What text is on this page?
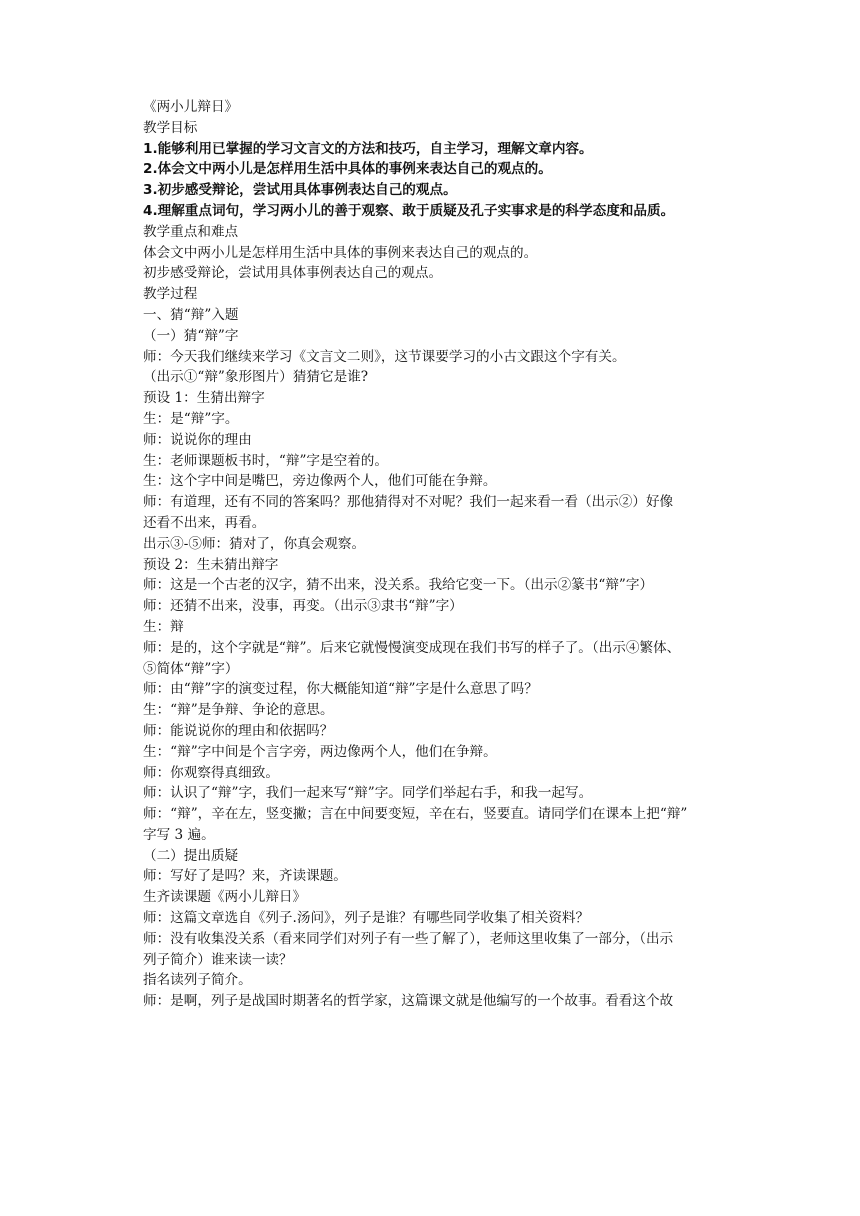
《两小儿辩日》
教学目标
1.能够利用已掌握的学习文言文的方法和技巧，自主学习，理解文章内容。
2.体会文中两小儿是怎样用生活中具体的事例来表达自己的观点的。
3.初步感受辩论，尝试用具体事例表达自己的观点。
4.理解重点词句，学习两小儿的善于观察、敢于质疑及孔子实事求是的科学态度和品质。
教学重点和难点
体会文中两小儿是怎样用生活中具体的事例来表达自己的观点的。
初步感受辩论，尝试用具体事例表达自己的观点。
教学过程
一、猜“辩”入题
（一）猜“辩”字
师：今天我们继续来学习《文言文二则》，这节课要学习的小古文跟这个字有关。
（出示①“辩”象形图片）猜猜它是谁?
预设 1：生猜出辩字
生：是“辩”字。
师：说说你的理由
生：老师课题板书时，“辩”字是空着的。
生：这个字中间是嘴巴，旁边像两个人，他们可能在争辩。
师：有道理，还有不同的答案吗？那他猜得对不对呢？我们一起来看一看（出示②）好像
还看不出来，再看。
出示③-⑤师：猜对了，你真会观察。
预设 2：生未猜出辩字
师：这是一个古老的汉字，猜不出来，没关系。我给它变一下。（出示②篆书“辩”字）
师：还猜不出来，没事，再变。（出示③隶书“辩”字）
生：辩
师：是的，这个字就是“辩”。后来它就慢慢演变成现在我们书写的样子了。（出示④繁体、
⑤简体“辩”字）
师：由“辩”字的演变过程，你大概能知道“辩”字是什么意思了吗？
生：“辩”是争辩、争论的意思。
师：能说说你的理由和依据吗？
生：“辩”字中间是个言字旁，两边像两个人，他们在争辩。
师：你观察得真细致。
师：认识了“辩”字，我们一起来写“辩”字。同学们举起右手，和我一起写。
师：“辩”，辛在左，竖变撇；言在中间要变短，辛在右，竖要直。请同学们在课本上把“辩”
字写 3 遍。
（二）提出质疑
师：写好了是吗？来，齐读课题。
生齐读课题《两小儿辩日》
师：这篇文章选自《列子.汤问》，列子是谁？有哪些同学收集了相关资料？
师：没有收集没关系（看来同学们对列子有一些了解了），老师这里收集了一部分，（出示
列子简介）谁来读一读？
指名读列子简介。
师：是啊，列子是战国时期著名的哲学家，这篇课文就是他编写的一个故事。看看这个故
